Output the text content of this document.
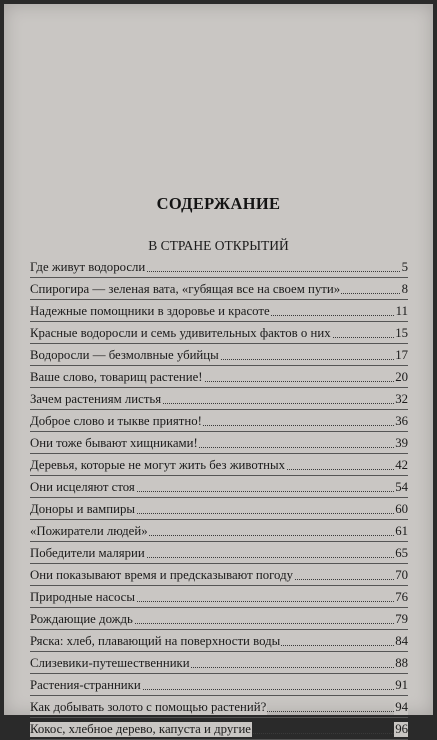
СОДЕРЖАНИЕ
В СТРАНЕ ОТКРЫТИЙ
Где живут водоросли	5
Спирогира — зеленая вата, «губящая все на своем пути»	8
Надежные помощники в здоровье и красоте	11
Красные водоросли и семь удивительных фактов о них	15
Водоросли — безмолвные убийцы	17
Ваше слово, товарищ растение!	20
Зачем растениям листья	32
Доброе слово и тыкве приятно!	36
Они тоже бывают хищниками!	39
Деревья, которые не могут жить без животных	42
Они исцеляют стоя	54
Доноры и вампиры	60
«Пожиратели людей»	61
Победители малярии	65
Они показывают время и предсказывают погоду	70
Природные насосы	76
Рождающие дождь	79
Ряска: хлеб, плавающий на поверхности воды	84
Слизевики-путешественники	88
Растения-странники	91
Как добывать золото с помощью растений?	94
Кокос, хлебное дерево, капуста и другие	96
